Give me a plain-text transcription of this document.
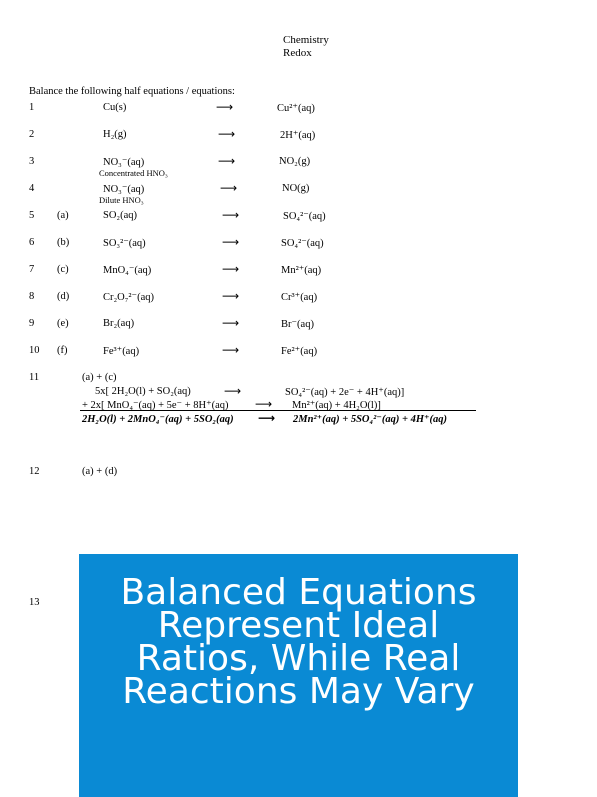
Chemistry
Redox
Balance the following half equations / equations:
1	Cu(s)	⟶	Cu²⁺(aq)
2	H₂(g)	⟶	2H⁺(aq)
3	NO₃⁻(aq)	⟶	NO₂(g)
Concentrated HNO₃
4	NO₃⁻(aq)	⟶	NO(g)
Dilute HNO₃
5 (a)	SO₂(aq)	⟶	SO₄²⁻(aq)
6 (b)	SO₃²⁻(aq)	⟶	SO₄²⁻(aq)
7 (c)	MnO₄⁻(aq)	⟶	Mn²⁺(aq)
8 (d)	Cr₂O₇²⁻(aq)	⟶	Cr³⁺(aq)
9 (e)	Br₂(aq)	⟶	Br⁻(aq)
10 (f)	Fe³⁺(aq)	⟶	Fe²⁺(aq)
11	(a) + (c)
5x[ 2H₂O(l) + SO₂(aq)	⟶	SO₄²⁻(aq) + 2e⁻ + 4H⁺(aq)]
+ 2x[ MnO₄⁻(aq) + 5e⁻ + 8H⁺(aq) ⟶ Mn²⁺(aq) + 4H₂O(l)]
2H₂O(l) + 2MnO₄⁻(aq) + 5SO₂(aq) ⟶ 2Mn²⁺(aq) + 5SO₄²⁻(aq) + 4H⁺(aq)
12	(a) + (d)
13	Balanced Equations Represent Ideal Ratios, While Real Reactions May Vary
